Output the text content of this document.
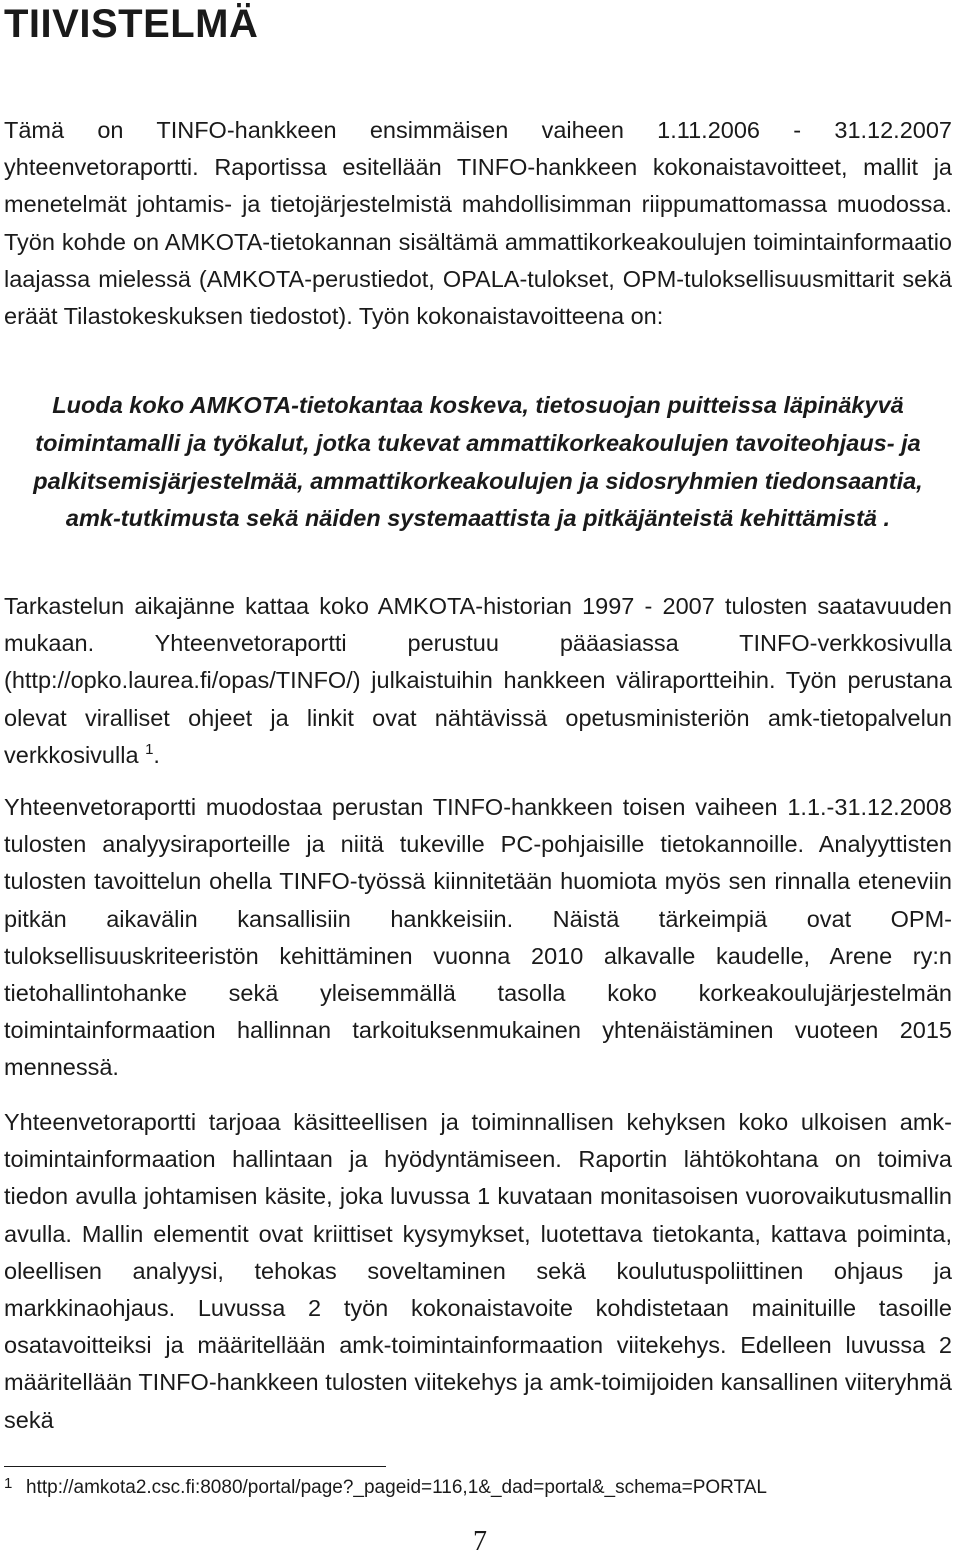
TIIVISTELMÄ

Tämä on TINFO-hankkeen ensimmäisen vaiheen 1.11.2006 - 31.12.2007 yhteenvetoraportti. Raportissa esitellään TINFO-hankkeen kokonaistavoitteet, mallit ja menetelmät johtamis- ja tietojärjestelmistä mahdollisimman riippumattomassa muodossa. Työn kohde on AMKOTA-tietokannan sisältämä ammattikorkeakoulujen toimintainformaatio laajassa mielessä (AMKOTA-perustiedot, OPALA-tulokset, OPM-tuloksellisuusmittarit sekä eräät Tilastokeskuksen tiedostot). Työn kokonaistavoitteena on:

Luoda koko AMKOTA-tietokantaa koskeva, tietosuojan puitteissa läpinäkyvä toimintamalli ja työkalut, jotka tukevat ammattikorkeakoulujen tavoiteohjaus- ja palkitsemisjärjestelmää, ammattikorkeakoulujen ja sidosryhmien tiedonsaantia, amk-tutkimusta sekä näiden systemaattista ja pitkäjänteistä kehittämistä .

Tarkastelun aikajänne kattaa koko AMKOTA-historian 1997 - 2007 tulosten saatavuuden mukaan. Yhteenvetoraportti perustuu pääasiassa TINFO-verkkosivulla (http://opko.laurea.fi/opas/TINFO/) julkaistuihin hankkeen väliraportteihin. Työn perustana olevat viralliset ohjeet ja linkit ovat nähtävissä opetusministeriön amk-tietopalvelun verkkosivulla $^1$.

Yhteenvetoraportti muodostaa perustan TINFO-hankkeen toisen vaiheen 1.1.-31.12.2008 tulosten analyysiraporteille ja niitä tukeville PC-pohjaisille tietokannoille. Analyyttisten tulosten tavoittelun ohella TINFO-työssä kiinnitetään huomiota myös sen rinnalla eteneviin pitkän aikavälin kansallisiin hankkeisiin. Näistä tärkeimpiä ovat OPM-tuloksellisuuskriteeristön kehittäminen vuonna 2010 alkavalle kaudelle, Arene ry:n tietohallintohanke sekä yleisemmällä tasolla koko korkeakoulujärjestelmän toimintainformaation hallinnan tarkoituksenmukainen yhtenäistäminen vuoteen 2015 mennessä.

Yhteenvetoraportti tarjoaa käsitteellisen ja toiminnallisen kehyksen koko ulkoisen amk-toimintainformaation hallintaan ja hyödyntämiseen. Raportin lähtökohtana on toimiva tiedon avulla johtamisen käsite, joka luvussa 1 kuvataan monitasoisen vuorovaikutusmallin avulla. Mallin elementit ovat kriittiset kysymykset, luotettava tietokanta, kattava poiminta, oleellisen analyysi, tehokas soveltaminen sekä koulutuspoliittinen ohjaus ja markkinaohjaus. Luvussa 2 työn kokonaistavoite kohdistetaan mainituille tasoille osatavoitteiksi ja määritellään amk-toimintainformaation viitekehys. Edelleen luvussa 2 määritellään TINFO-hankkeen tulosten viitekehys ja amk-toimijoiden kansallinen viiteryhmä sekä

1 http://amkota2.csc.fi:8080/portal/page?_pageid=116,1&_dad=portal&_schema=PORTAL
7
